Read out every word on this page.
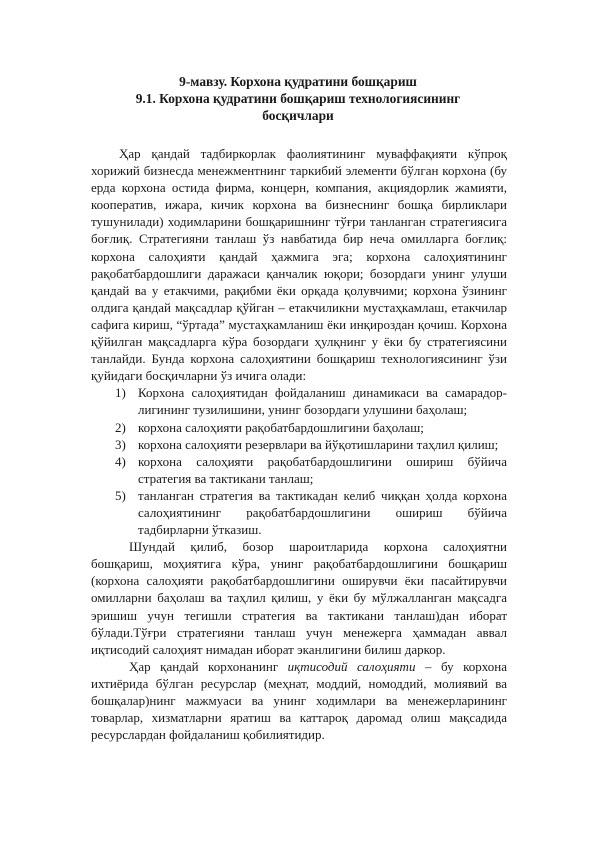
9-мавзу. Корхона қудратини бошқариш
9.1. Корхона қудратини бошқариш технологиясининг
босқичлари

Ҳар қандай тадбиркорлак фаолиятининг муваффақияти кўпроқ хорижий бизнесда менежментнинг таркибий элементи бўлган корхона (бу ерда корхона остида фирма, концерн, компания, акциядорлик жамияти, кооператив, ижара, кичик корхона ва бизнеснинг бошқа бирликлари тушунилади) ходимларини бошқаришнинг тўғри танланган стратегиясига боғлиқ. Стратегияни танлаш ўз навбатида бир неча омилларга боғлиқ: корхона салоҳияти қандай ҳажмига эга; корхона салоҳиятининг рақобатбардошлиги даражаси қанчалик юқори; бозордаги унинг улуши қандай ва у етакчими, рақибми ёки орқада қолувчими; корхона ўзининг олдига қандай мақсадлар қўйган – етакчиликни мустаҳкамлаш, етакчилар сафига кириш, “ўртада” мустаҳкамланиш ёки инқироздан қочиш. Корхона қўйилган мақсадларга кўра бозордаги ҳулқнинг у ёки бу стратегиясини танлайди. Бунда корхона салоҳиятини бошқариш технологиясининг ўзи қуйидаги босқичларни ўз ичига олади:

1) Корхона салоҳиятидан фойдаланиш динамикаси ва самарадор- лигининг тузилишини, унинг бозордаги улушини баҳолаш;
2) корхона салоҳияти рақобатбардошлигини баҳолаш;
3) корхона салоҳияти резервлари ва йўқотишларини таҳлил қилиш;
4) корхона салоҳияти рақобатбардошлигини ошириш бўйича стратегия ва тактикани танлаш;
5) танланган стратегия ва тактикадан келиб чиққан ҳолда корхона салоҳиятининг рақобатбардошлигини ошириш бўйича тадбирларни ўтказиш.

Шундай қилиб, бозор шароитларида корхона салоҳиятни бошқариш, моҳиятига кўра, унинг рақобатбардошлигини бошқариш (корхона салоҳияти рақобатбардошлигини оширувчи ёки пасайтирувчи омилларни баҳолаш ва таҳлил қилиш, у ёки бу мўлжалланган мақсадга эришиш учун тегишли стратегия ва тактикани танлаш)дан иборат бўлади.Тўғри стратегияни танлаш учун менежерга ҳаммадан аввал иқтисодий салоҳият нимадан иборат эканлигини билиш даркор.

Ҳар қандай корхонанинг иқтисодий салоҳияти – бу корхона ихтиёрида бўлган ресурслар (меҳнат, моддий, номоддий, молиявий ва бошқалар)нинг мажмуаси ва унинг ходимлари ва менежерларининг товарлар, хизматларни яратиш ва каттароқ даромад олиш мақсадида ресурслардан фойдаланиш қобилиятидир.
